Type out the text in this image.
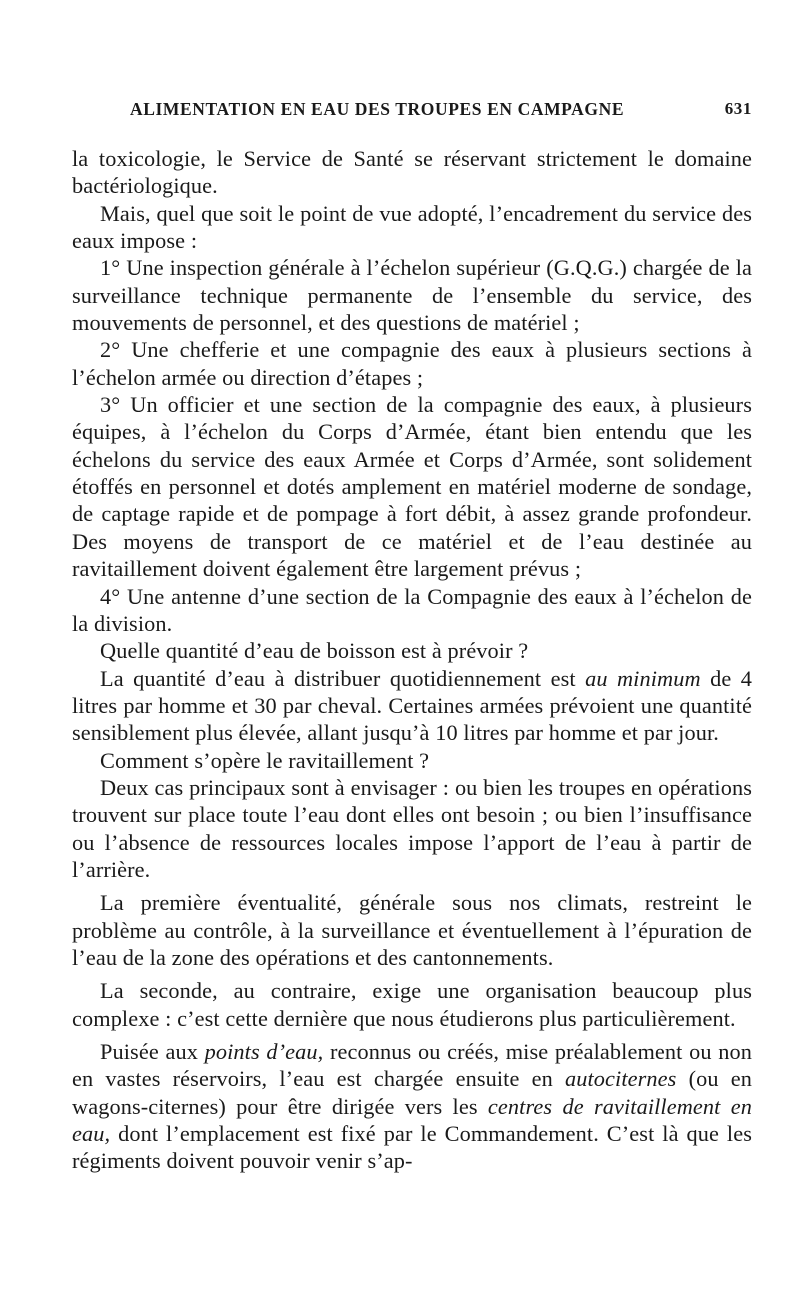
ALIMENTATION EN EAU DES TROUPES EN CAMPAGNE	631

la toxicologie, le Service de Santé se réservant strictement le domaine bactériologique.

Mais, quel que soit le point de vue adopté, l’encadrement du service des eaux impose :

1° Une inspection générale à l’échelon supérieur (G.Q.G.) chargée de la surveillance technique permanente de l’ensemble du service, des mouvements de personnel, et des questions de matériel ;

2° Une chefferie et une compagnie des eaux à plusieurs sections à l’échelon armée ou direction d’étapes ;

3° Un officier et une section de la compagnie des eaux, à plusieurs équipes, à l’échelon du Corps d’Armée, étant bien entendu que les échelons du service des eaux Armée et Corps d’Armée, sont solidement étoffés en personnel et dotés amplement en matériel moderne de sondage, de captage rapide et de pompage à fort débit, à assez grande profondeur. Des moyens de transport de ce matériel et de l’eau destinée au ravitaillement doivent également être largement prévus ;

4° Une antenne d’une section de la Compagnie des eaux à l’échelon de la division.

Quelle quantité d’eau de boisson est à prévoir ?

La quantité d’eau à distribuer quotidiennement est au minimum de 4 litres par homme et 30 par cheval. Certaines armées prévoient une quantité sensiblement plus élevée, allant jusqu’à 10 litres par homme et par jour.

Comment s’opère le ravitaillement ?

Deux cas principaux sont à envisager : ou bien les troupes en opérations trouvent sur place toute l’eau dont elles ont besoin ; ou bien l’insuffisance ou l’absence de ressources locales impose l’apport de l’eau à partir de l’arrière.

La première éventualité, générale sous nos climats, restreint le problème au contrôle, à la surveillance et éventuellement à l’épuration de l’eau de la zone des opérations et des cantonnements.

La seconde, au contraire, exige une organisation beaucoup plus complexe : c’est cette dernière que nous étudierons plus particulièrement.

Puisée aux points d’eau, reconnus ou créés, mise préalablement ou non en vastes réservoirs, l’eau est chargée ensuite en autociternes (ou en wagons-citernes) pour être dirigée vers les centres de ravitaillement en eau, dont l’emplacement est fixé par le Commandement. C’est là que les régiments doivent pouvoir venir s’ap-
